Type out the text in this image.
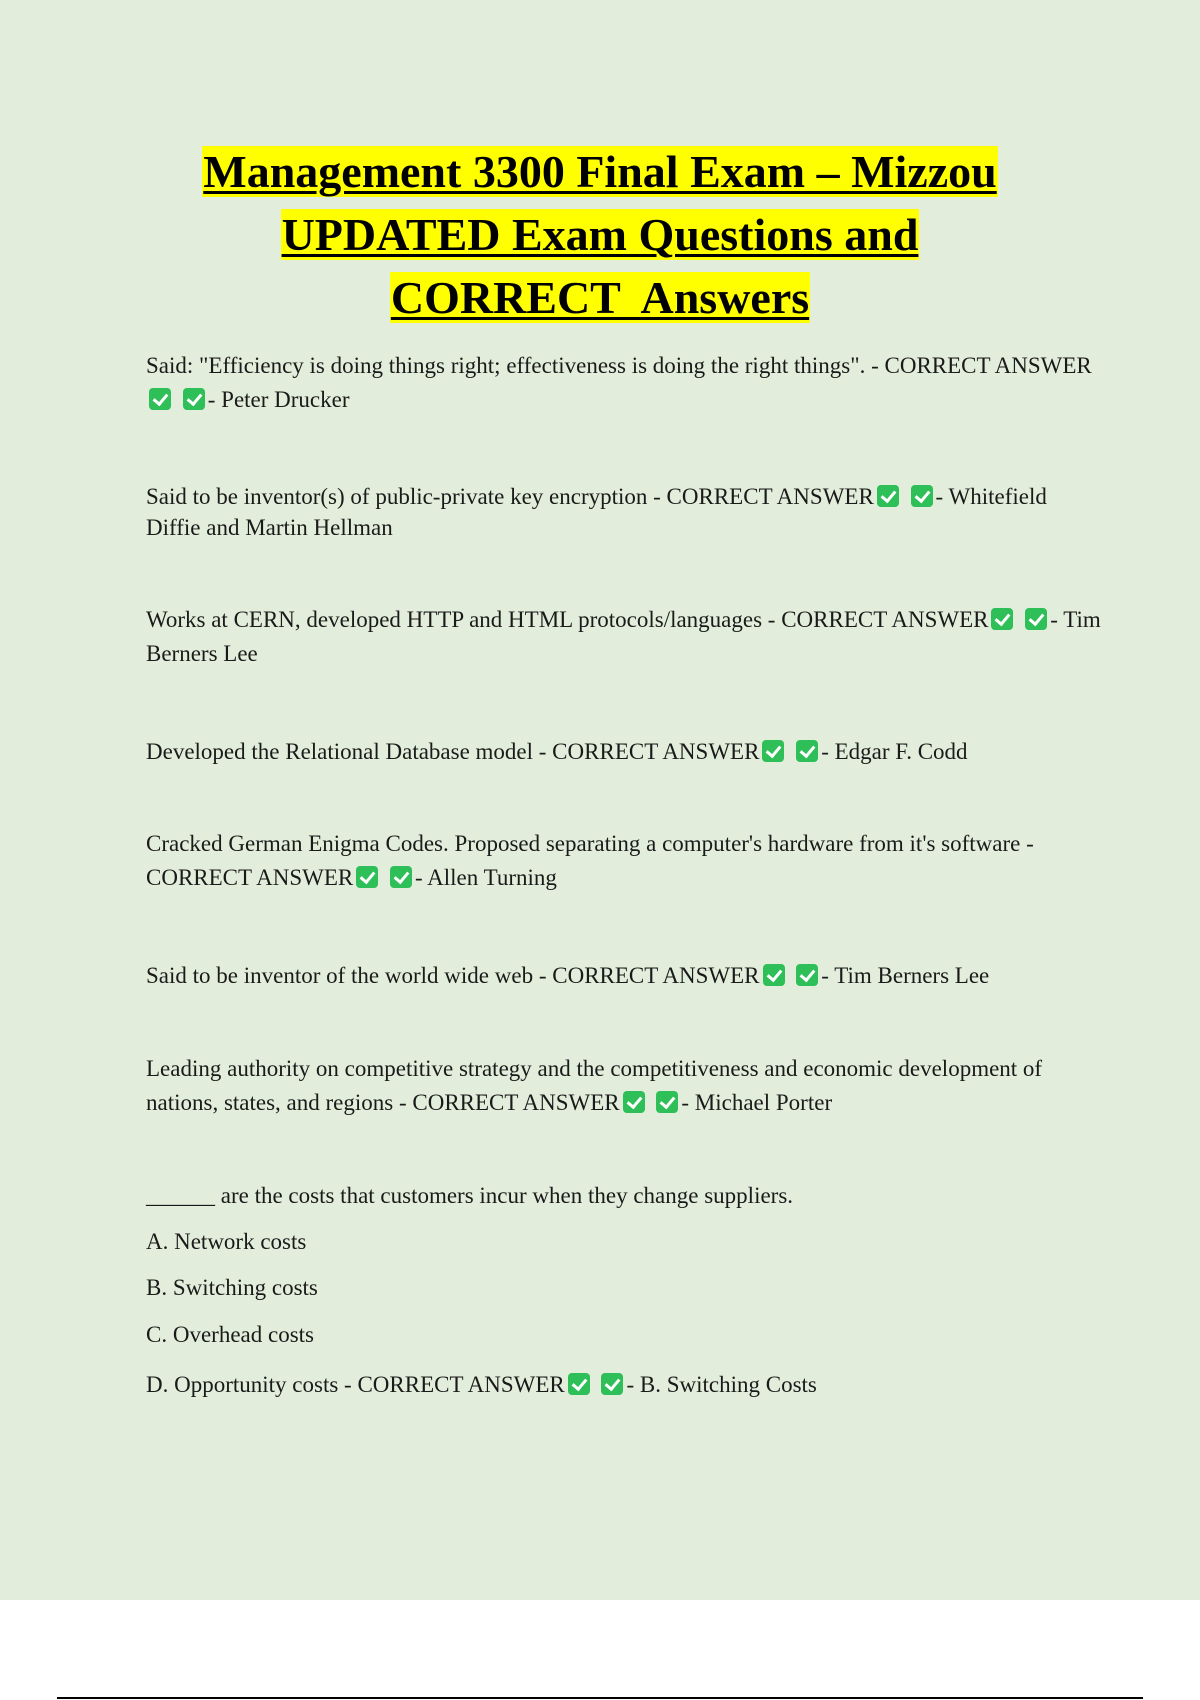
Management 3300 Final Exam – Mizzou
UPDATED Exam Questions and
CORRECT  Answers

Said: "Efficiency is doing things right; effectiveness is doing the right things". - CORRECT ANSWER - Peter Drucker

Said to be inventor(s) of public-private key encryption - CORRECT ANSWER	- Whitefield Diffie and Martin Hellman

Works at CERN, developed HTTP and HTML protocols/languages - CORRECT ANSWER	- Tim Berners Lee

Developed the Relational Database model - CORRECT ANSWER	- Edgar F. Codd

Cracked German Enigma Codes. Proposed separating a computer's hardware from it's software - CORRECT ANSWER	- Allen Turning

Said to be inventor of the world wide web - CORRECT ANSWER	- Tim Berners Lee

Leading authority on competitive strategy and the competitiveness and economic development of nations, states, and regions - CORRECT ANSWER	- Michael Porter

______ are the costs that customers incur when they change suppliers.
A. Network costs
B. Switching costs
C. Overhead costs
D. Opportunity costs - CORRECT ANSWER	- B. Switching Costs
